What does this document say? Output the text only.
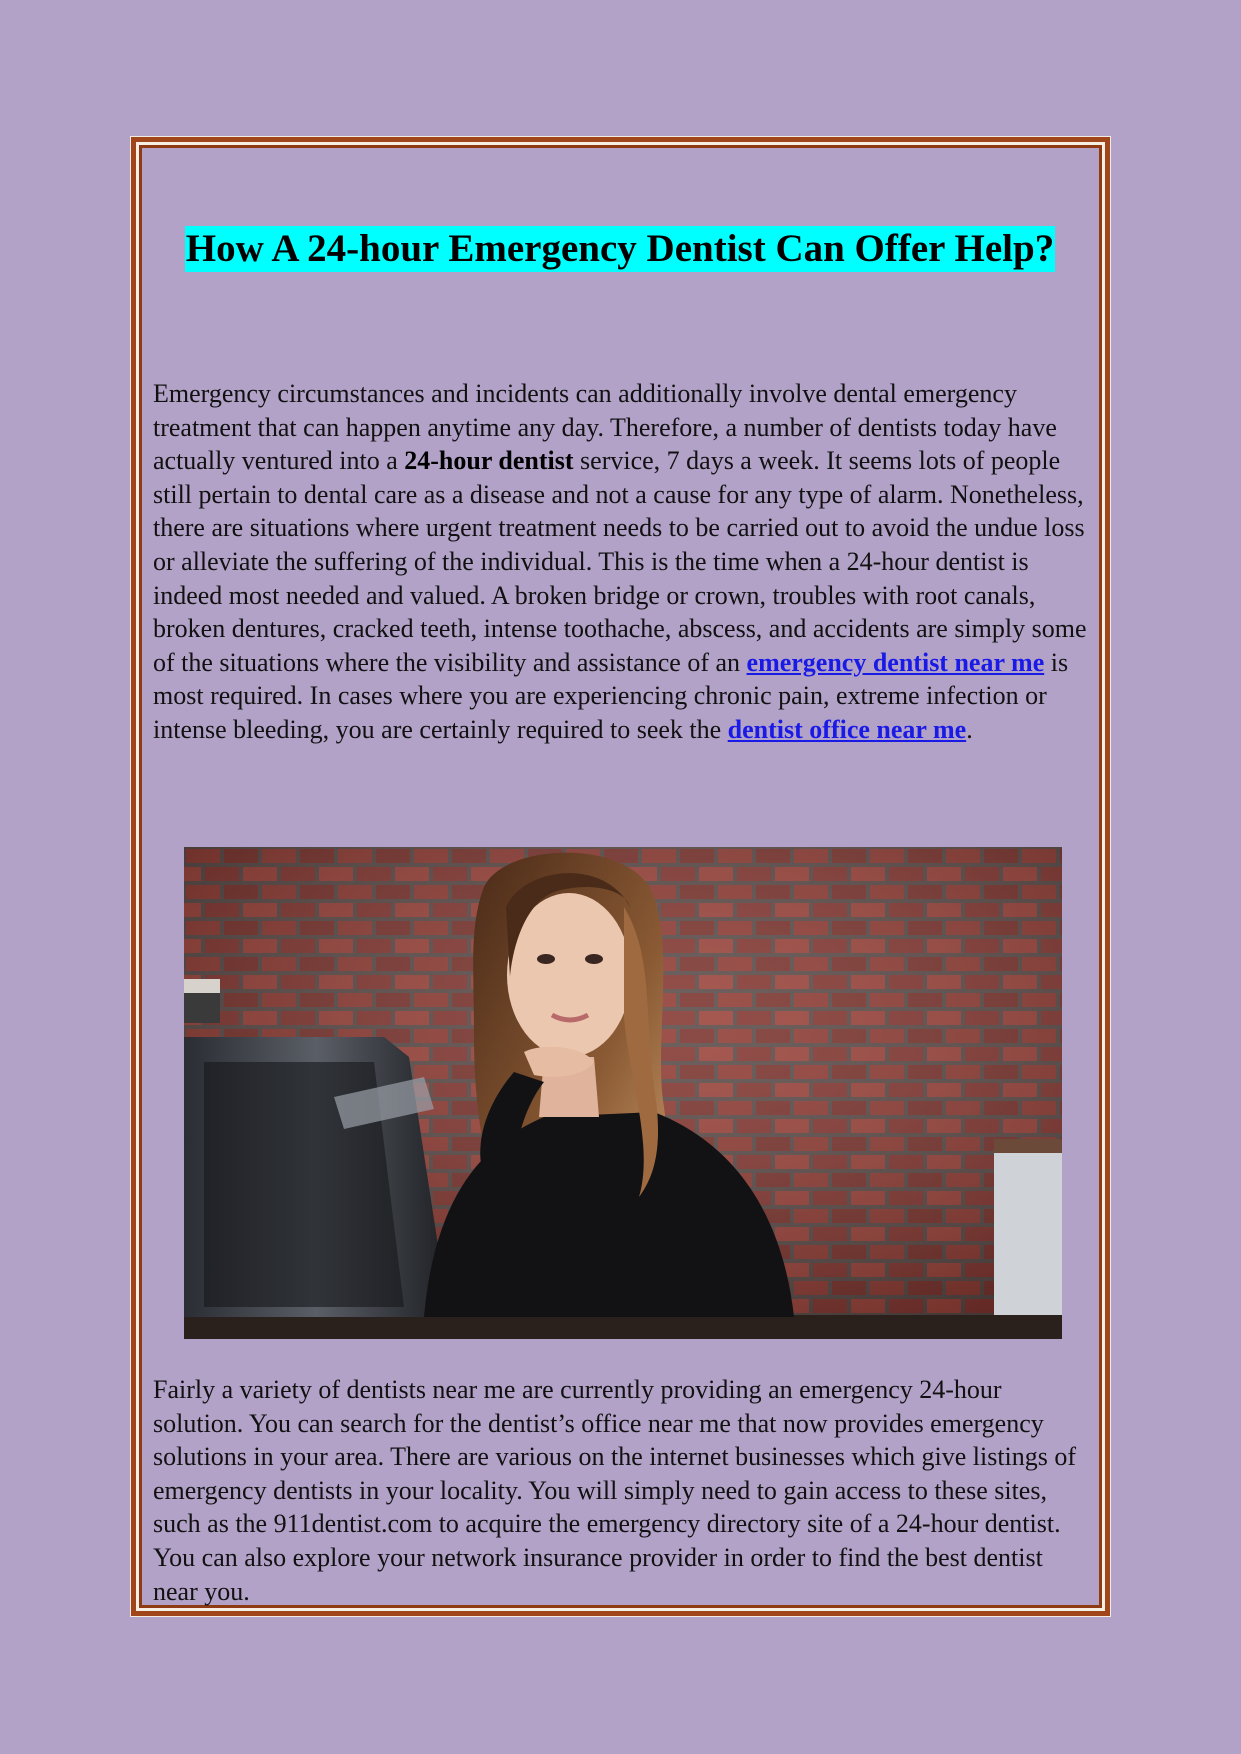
How A 24-hour Emergency Dentist Can Offer Help?

Emergency circumstances and incidents can additionally involve dental emergency treatment that can happen anytime any day. Therefore, a number of dentists today have actually ventured into a 24-hour dentist service, 7 days a week. It seems lots of people still pertain to dental care as a disease and not a cause for any type of alarm. Nonetheless, there are situations where urgent treatment needs to be carried out to avoid the undue loss or alleviate the suffering of the individual. This is the time when a 24-hour dentist is indeed most needed and valued. A broken bridge or crown, troubles with root canals, broken dentures, cracked teeth, intense toothache, abscess, and accidents are simply some of the situations where the visibility and assistance of an emergency dentist near me is most required. In cases where you are experiencing chronic pain, extreme infection or intense bleeding, you are certainly required to seek the dentist office near me.

Fairly a variety of dentists near me are currently providing an emergency 24-hour solution. You can search for the dentist’s office near me that now provides emergency solutions in your area. There are various on the internet businesses which give listings of emergency dentists in your locality. You will simply need to gain access to these sites, such as the 911dentist.com to acquire the emergency directory site of a 24-hour dentist. You can also explore your network insurance provider in order to find the best dentist near you.
